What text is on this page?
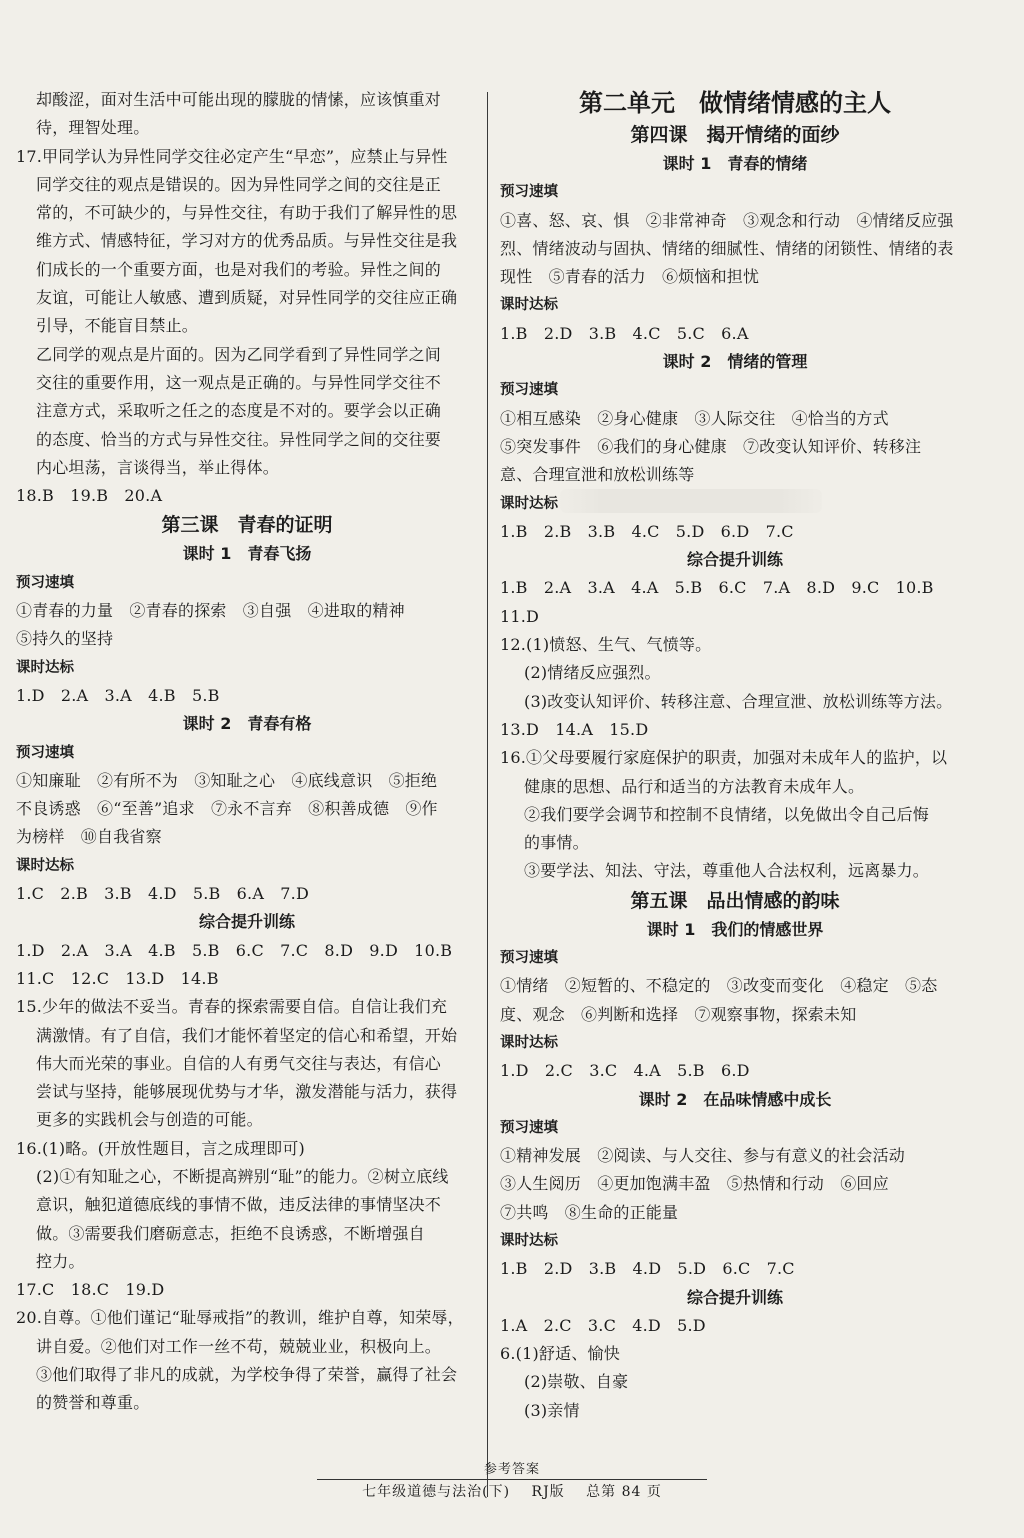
却酸涩，面对生活中可能出现的朦胧的情愫，应该慎重对

待，理智处理。

17.甲同学认为异性同学交往必定产生“早恋”，应禁止与异性

同学交往的观点是错误的。因为异性同学之间的交往是正

常的，不可缺少的，与异性交往，有助于我们了解异性的思

维方式、情感特征，学习对方的优秀品质。与异性交往是我

们成长的一个重要方面，也是对我们的考验。异性之间的

友谊，可能让人敏感、遭到质疑，对异性同学的交往应正确

引导，不能盲目禁止。

乙同学的观点是片面的。因为乙同学看到了异性同学之间

交往的重要作用，这一观点是正确的。与异性同学交往不

注意方式，采取听之任之的态度是不对的。要学会以正确

的态度、恰当的方式与异性交往。异性同学之间的交往要

内心坦荡，言谈得当，举止得体。

18.B　19.B　20.A

第三课　青春的证明

课时 1　青春飞扬

预习速填

①青春的力量　②青春的探索　③自强　④进取的精神

⑤持久的坚持

课时达标

1.D　2.A　3.A　4.B　5.B

课时 2　青春有格

预习速填

①知廉耻　②有所不为　③知耻之心　④底线意识　⑤拒绝

不良诱惑　⑥“至善”追求　⑦永不言弃　⑧积善成德　⑨作

为榜样　⑩自我省察

课时达标

1.C　2.B　3.B　4.D　5.B　6.A　7.D

综合提升训练

1.D　2.A　3.A　4.B　5.B　6.C　7.C　8.D　9.D　10.B

11.C　12.C　13.D　14.B

15.少年的做法不妥当。青春的探索需要自信。自信让我们充

满激情。有了自信，我们才能怀着坚定的信心和希望，开始

伟大而光荣的事业。自信的人有勇气交往与表达，有信心

尝试与坚持，能够展现优势与才华，激发潜能与活力，获得

更多的实践机会与创造的可能。

16.(1)略。(开放性题目，言之成理即可)

(2)①有知耻之心，不断提高辨别“耻”的能力。②树立底线

意识，触犯道德底线的事情不做，违反法律的事情坚决不

做。③需要我们磨砺意志，拒绝不良诱惑，不断增强自

控力。

17.C　18.C　19.D

20.自尊。①他们谨记“耻辱戒指”的教训，维护自尊，知荣辱，

讲自爱。②他们对工作一丝不苟，兢兢业业，积极向上。

③他们取得了非凡的成就，为学校争得了荣誉，赢得了社会

的赞誉和尊重。

第二单元　做情绪情感的主人

第四课　揭开情绪的面纱

课时 1　青春的情绪

预习速填

①喜、怒、哀、惧　②非常神奇　③观念和行动　④情绪反应强

烈、情绪波动与固执、情绪的细腻性、情绪的闭锁性、情绪的表

现性　⑤青春的活力　⑥烦恼和担忧

课时达标

1.B　2.D　3.B　4.C　5.C　6.A

课时 2　情绪的管理

预习速填

①相互感染　②身心健康　③人际交往　④恰当的方式

⑤突发事件　⑥我们的身心健康　⑦改变认知评价、转移注

意、合理宣泄和放松训练等

课时达标

1.B　2.B　3.B　4.C　5.D　6.D　7.C

综合提升训练

1.B　2.A　3.A　4.A　5.B　6.C　7.A　8.D　9.C　10.B

11.D

12.(1)愤怒、生气、气愤等。

(2)情绪反应强烈。

(3)改变认知评价、转移注意、合理宣泄、放松训练等方法。

13.D　14.A　15.D

16.①父母要履行家庭保护的职责，加强对未成年人的监护，以

健康的思想、品行和适当的方法教育未成年人。

②我们要学会调节和控制不良情绪，以免做出令自己后悔

的事情。

③要学法、知法、守法，尊重他人合法权利，远离暴力。

第五课　品出情感的韵味

课时 1　我们的情感世界

预习速填

①情绪　②短暂的、不稳定的　③改变而变化　④稳定　⑤态

度、观念　⑥判断和选择　⑦观察事物，探索未知

课时达标

1.D　2.C　3.C　4.A　5.B　6.D

课时 2　在品味情感中成长

预习速填

①精神发展　②阅读、与人交往、参与有意义的社会活动

③人生阅历　④更加饱满丰盈　⑤热情和行动　⑥回应

⑦共鸣　⑧生命的正能量

课时达标

1.B　2.D　3.B　4.D　5.D　6.C　7.C

综合提升训练

1.A　2.C　3.C　4.D　5.D

6.(1)舒适、愉快

(2)崇敬、自豪

(3)亲情

参考答案
七年级道德与法治(下) RJ版 总第 84 页
